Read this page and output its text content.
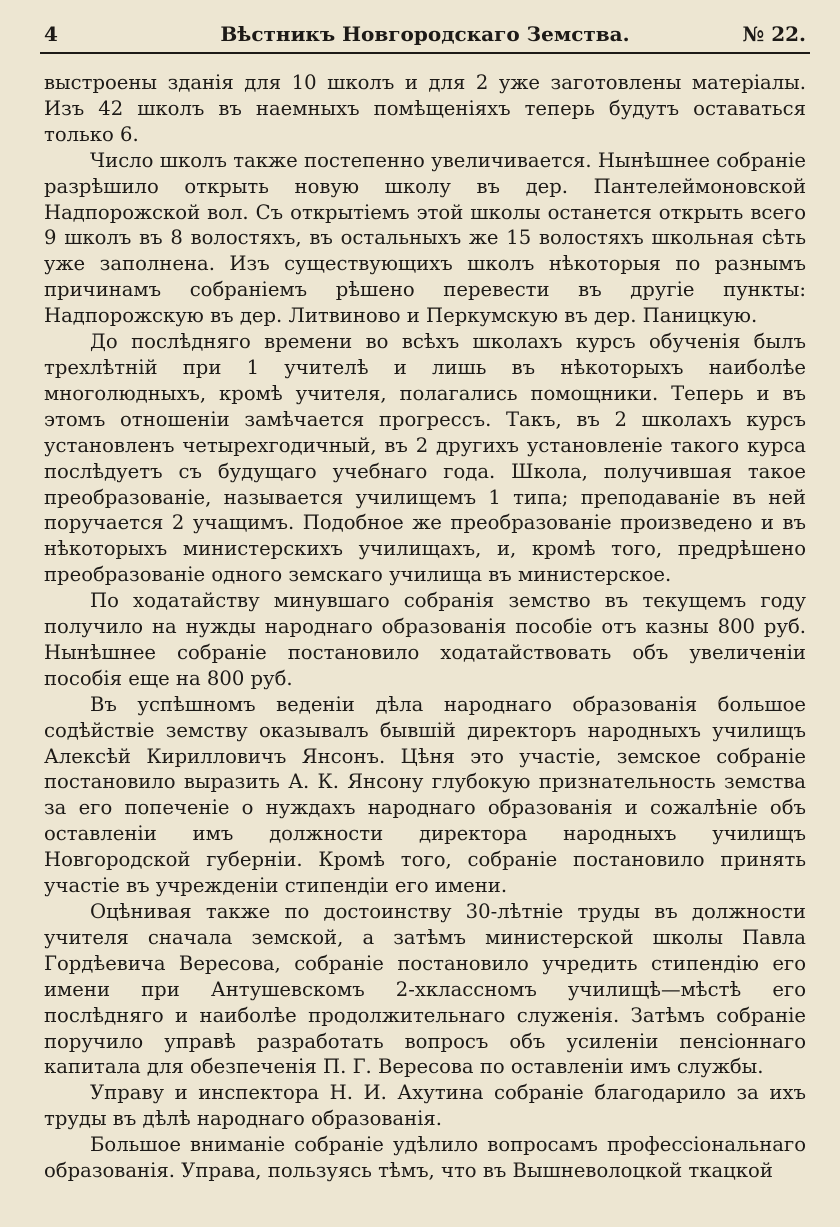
4	Вѣстникъ Новгородскаго Земства.	№ 22.

выстроены зданія для 10 школъ и для 2 уже заготовлены матеріалы. Изъ 42 школъ въ наемныхъ помѣщеніяхъ теперь будутъ оставаться только 6.

Число школъ также постепенно увеличивается. Нынѣшнее собраніе разрѣшило открыть новую школу въ дер. Пантелеймоновской Надпорожской вол. Съ открытіемъ этой школы останется открыть всего 9 школъ въ 8 волостяхъ, въ остальныхъ же 15 волостяхъ школьная сѣть уже заполнена. Изъ существующихъ школъ нѣкоторыя по разнымъ причинамъ собраніемъ рѣшено перевести въ другіе пункты: Надпорожскую въ дер. Литвиново и Перкумскую въ дер. Паницкую.

До послѣдняго времени во всѣхъ школахъ курсъ обученія былъ трехлѣтній при 1 учителѣ и лишь въ нѣкоторыхъ наиболѣе многолюдныхъ, кромѣ учителя, полагались помощники. Теперь и въ этомъ отношеніи замѣчается прогрессъ. Такъ, въ 2 школахъ курсъ установленъ четырехгодичный, въ 2 другихъ установленіе такого курса послѣдуетъ съ будущаго учебнаго года. Школа, получившая такое преобразованіе, называется училищемъ 1 типа; преподаваніе въ ней поручается 2 учащимъ. Подобное же преобразованіе произведено и въ нѣкоторыхъ министерскихъ училищахъ, и, кромѣ того, предрѣшено преобразованіе одного земскаго училища въ министерское.

По ходатайству минувшаго собранія земство въ текущемъ году получило на нужды народнаго образованія пособіе отъ казны 800 руб. Нынѣшнее собраніе постановило ходатайствовать объ увеличеніи пособія еще на 800 руб.

Въ успѣшномъ веденіи дѣла народнаго образованія большое содѣйствіе земству оказывалъ бывшій директоръ народныхъ училищъ Алексѣй Кирилловичъ Янсонъ. Цѣня это участіе, земское собраніе постановило выразить А. К. Янсону глубокую признательность земства за его попеченіе о нуждахъ народнаго образованія и сожалѣніе объ оставленіи имъ должности директора народныхъ училищъ Новгородской губерніи. Кромѣ того, собраніе постановило принять участіе въ учрежденіи стипендіи его имени.

Оцѣнивая также по достоинству 30-лѣтніе труды въ должности учителя сначала земской, а затѣмъ министерской школы Павла Гордѣевича Вересова, собраніе постановило учредить стипендію его имени при Антушевскомъ 2-хклассномъ училищѣ—мѣстѣ его послѣдняго и наиболѣе продолжительнаго служенія. Затѣмъ собраніе поручило управѣ разработать вопросъ объ усиленіи пенсіоннаго капитала для обезпеченія П. Г. Вересова по оставленіи имъ службы.

Управу и инспектора Н. И. Ахутина собраніе благодарило за ихъ труды въ дѣлѣ народнаго образованія.

Большое вниманіе собраніе удѣлило вопросамъ профессіональнаго образованія. Управа, пользуясь тѣмъ, что въ Вышневолоцкой ткацкой
